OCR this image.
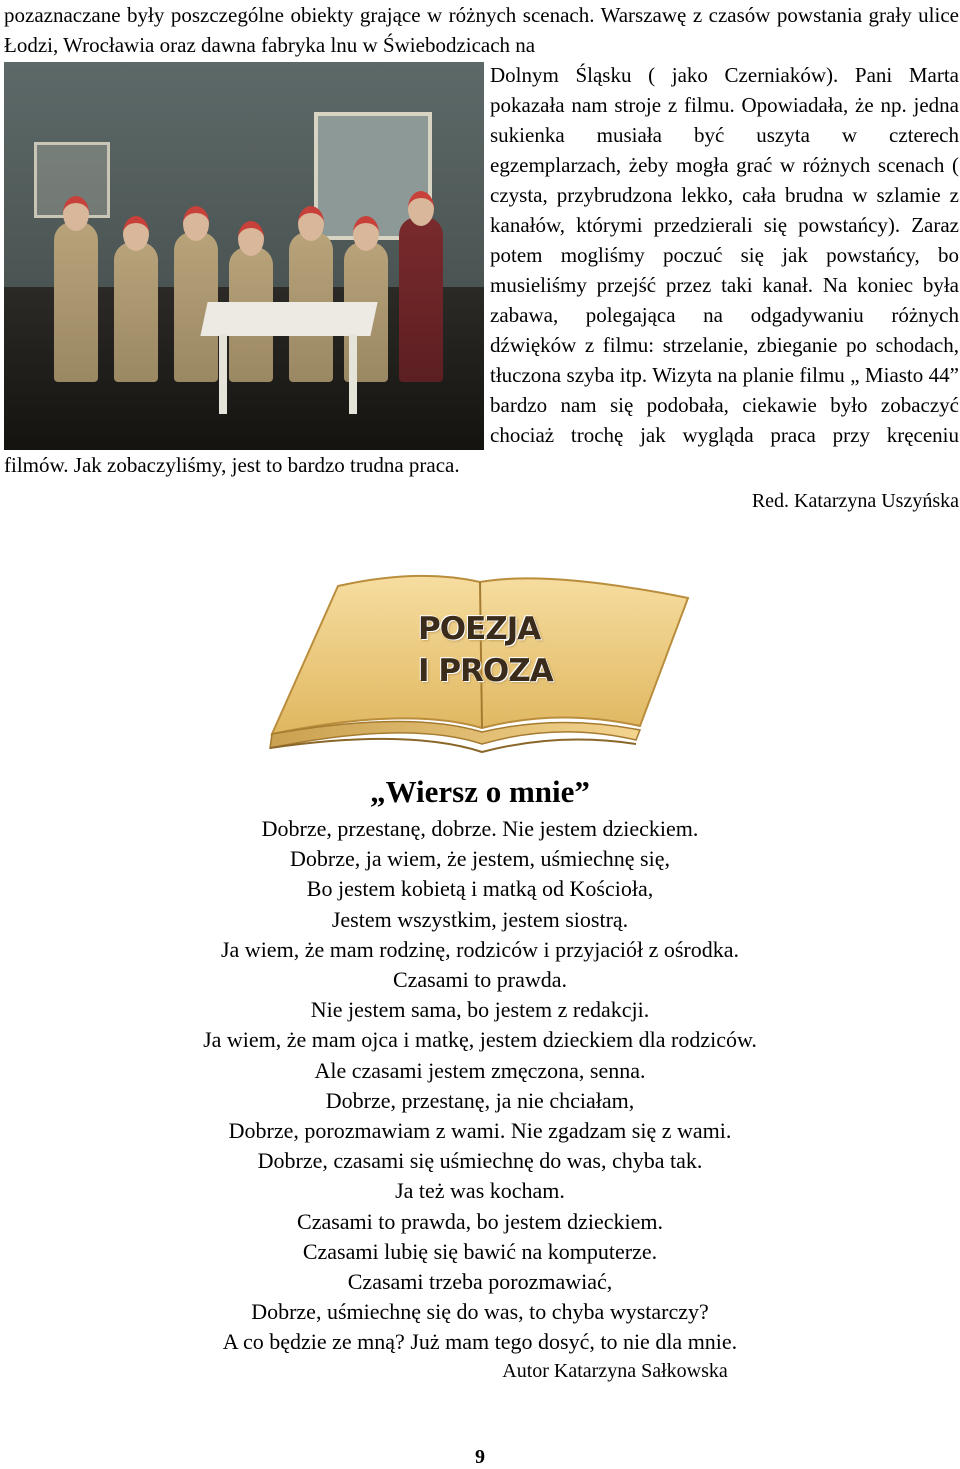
pozaznaczane były poszczególne obiekty grające w różnych scenach. Warszawę z czasów powstania grały ulice Łodzi, Wrocławia oraz dawna fabryka lnu w Świebodzicach na

Dolnym Śląsku ( jako Czerniaków). Pani Marta pokazała nam stroje z filmu. Opowiadała, że np. jedna sukienka musiała być uszyta w czterech egzemplarzach, żeby mogła grać w różnych scenach ( czysta, przybrudzona lekko, cała brudna w szlamie z kanałów, którymi przedzierali się powstańcy). Zaraz potem mogliśmy poczuć się jak powstańcy, bo musieliśmy przejść przez taki kanał. Na koniec była zabawa, polegająca na odgadywaniu różnych dźwięków z filmu: strzelanie, zbieganie po schodach, tłuczona szyba itp. Wizyta na planie filmu „ Miasto 44” bardzo nam się podobała, ciekawie było zobaczyć chociaż trochę jak wygląda praca przy kręceniu filmów. Jak zobaczyliśmy, jest to bardzo trudna praca.

Red. Katarzyna Uszyńska
POEZJA
I PROZA

„Wiersz o mnie”

Dobrze, przestanę, dobrze. Nie jestem dzieckiem.
Dobrze, ja wiem, że jestem, uśmiechnę się,
Bo jestem kobietą i matką od Kościoła,
Jestem wszystkim, jestem siostrą.
Ja wiem, że mam rodzinę, rodziców i przyjaciół z ośrodka.
Czasami to prawda.
Nie jestem sama, bo jestem z redakcji.
Ja wiem, że mam ojca i matkę, jestem dzieckiem dla rodziców.
Ale czasami jestem zmęczona, senna.
Dobrze, przestanę, ja nie chciałam,
Dobrze, porozmawiam z wami. Nie zgadzam się z wami.
Dobrze, czasami się uśmiechnę do was, chyba tak.
Ja też was kocham.
Czasami to prawda, bo jestem dzieckiem.
Czasami lubię się bawić na komputerze.
Czasami trzeba porozmawiać,
Dobrze, uśmiechnę się do was, to chyba wystarczy?
A co będzie ze mną? Już mam tego dosyć, to nie dla mnie.

Autor Katarzyna Sałkowska

9
